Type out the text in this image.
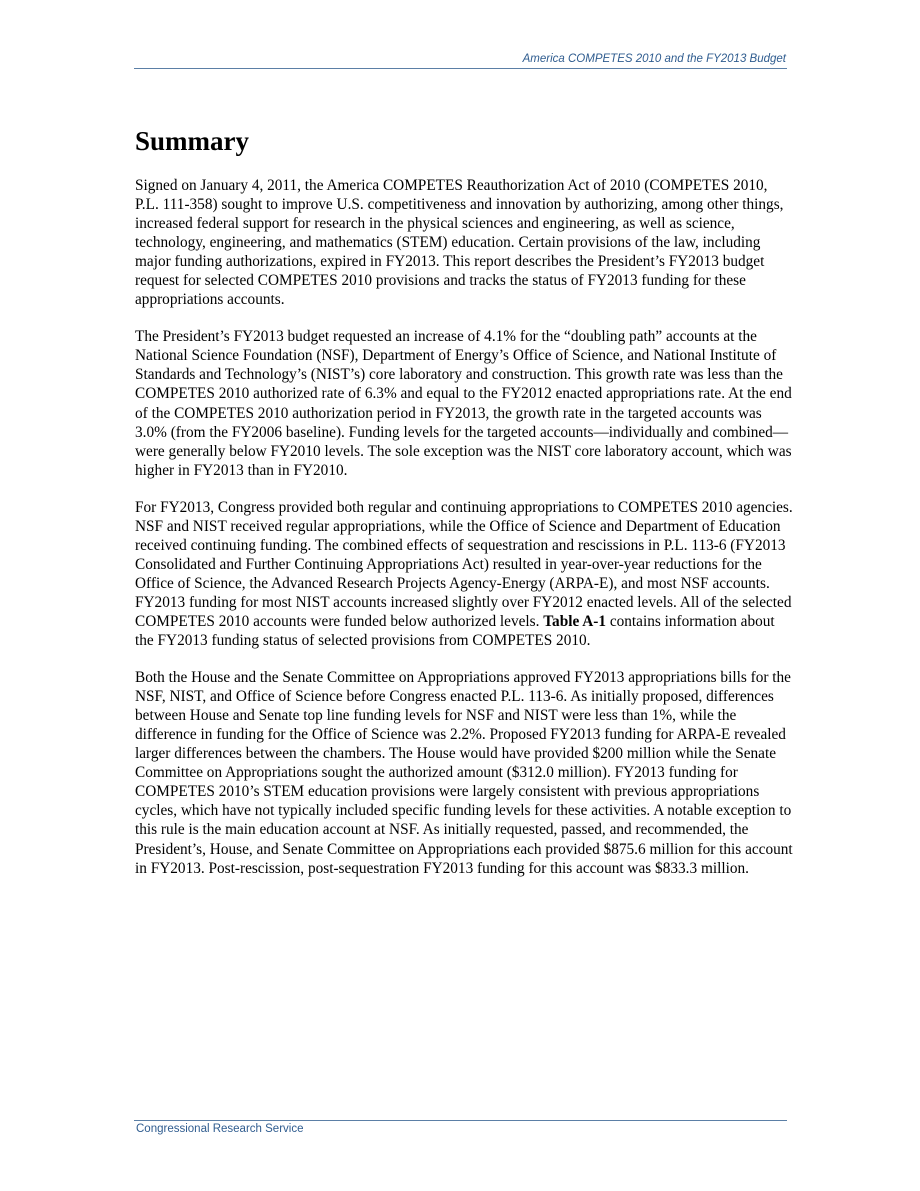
America COMPETES 2010 and the FY2013 Budget
Summary

Signed on January 4, 2011, the America COMPETES Reauthorization Act of 2010 (COMPETES 2010, P.L. 111-358) sought to improve U.S. competitiveness and innovation by authorizing, among other things, increased federal support for research in the physical sciences and engineering, as well as science, technology, engineering, and mathematics (STEM) education. Certain provisions of the law, including major funding authorizations, expired in FY2013. This report describes the President’s FY2013 budget request for selected COMPETES 2010 provisions and tracks the status of FY2013 funding for these appropriations accounts.

The President’s FY2013 budget requested an increase of 4.1% for the “doubling path” accounts at the National Science Foundation (NSF), Department of Energy’s Office of Science, and National Institute of Standards and Technology’s (NIST’s) core laboratory and construction. This growth rate was less than the COMPETES 2010 authorized rate of 6.3% and equal to the FY2012 enacted appropriations rate. At the end of the COMPETES 2010 authorization period in FY2013, the growth rate in the targeted accounts was 3.0% (from the FY2006 baseline). Funding levels for the targeted accounts—individually and combined—were generally below FY2010 levels. The sole exception was the NIST core laboratory account, which was higher in FY2013 than in FY2010.

For FY2013, Congress provided both regular and continuing appropriations to COMPETES 2010 agencies. NSF and NIST received regular appropriations, while the Office of Science and Department of Education received continuing funding. The combined effects of sequestration and rescissions in P.L. 113-6 (FY2013 Consolidated and Further Continuing Appropriations Act) resulted in year-over-year reductions for the Office of Science, the Advanced Research Projects Agency-Energy (ARPA-E), and most NSF accounts. FY2013 funding for most NIST accounts increased slightly over FY2012 enacted levels. All of the selected COMPETES 2010 accounts were funded below authorized levels. Table A-1 contains information about the FY2013 funding status of selected provisions from COMPETES 2010.

Both the House and the Senate Committee on Appropriations approved FY2013 appropriations bills for the NSF, NIST, and Office of Science before Congress enacted P.L. 113-6. As initially proposed, differences between House and Senate top line funding levels for NSF and NIST were less than 1%, while the difference in funding for the Office of Science was 2.2%. Proposed FY2013 funding for ARPA-E revealed larger differences between the chambers. The House would have provided $200 million while the Senate Committee on Appropriations sought the authorized amount ($312.0 million). FY2013 funding for COMPETES 2010’s STEM education provisions were largely consistent with previous appropriations cycles, which have not typically included specific funding levels for these activities. A notable exception to this rule is the main education account at NSF. As initially requested, passed, and recommended, the President’s, House, and Senate Committee on Appropriations each provided $875.6 million for this account in FY2013. Post-rescission, post-sequestration FY2013 funding for this account was $833.3 million.

Congressional Research Service
